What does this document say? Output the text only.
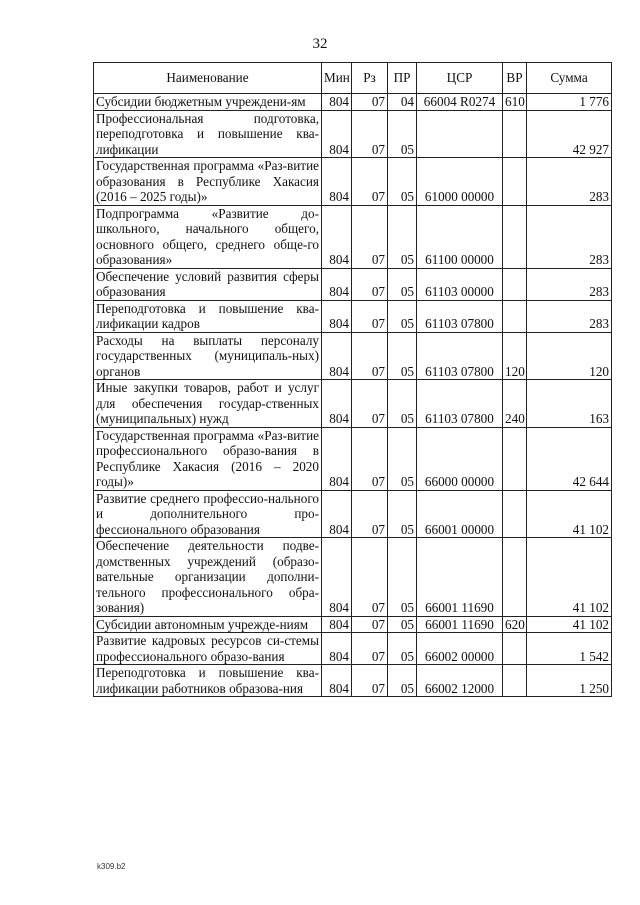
32
Наименование	Мин	Рз	ПР	ЦСР	ВР	Сумма
Субсидии бюджетным учреждени-ям	804	07	04	66004 R0274	610	1 776
Профессиональная подготовка, переподготовка и повышение ква-лификации	804	07	05			42 927
Государственная программа «Раз-витие образования в Республике Хакасия (2016 – 2025 годы)»	804	07	05	61000 00000		283
Подпрограмма «Развитие до-школьного, начального общего, основного общего, среднего обще-го образования»	804	07	05	61100 00000		283
Обеспечение условий развития сферы образования	804	07	05	61103 00000		283
Переподготовка и повышение ква-лификации кадров	804	07	05	61103 07800		283
Расходы на выплаты персоналу государственных (муниципаль-ных) органов	804	07	05	61103 07800	120	120
Иные закупки товаров, работ и услуг для обеспечения государ-ственных (муниципальных) нужд	804	07	05	61103 07800	240	163
Государственная программа «Раз-витие профессионального образо-вания в Республике Хакасия (2016 – 2020 годы)»	804	07	05	66000 00000		42 644
Развитие среднего профессио-нального и дополнительного про-фессионального образования	804	07	05	66001 00000		41 102
Обеспечение деятельности подве-домственных учреждений (образо-вательные организации дополни-тельного профессионального обра-зования)	804	07	05	66001 11690		41 102
Субсидии автономным учрежде-ниям	804	07	05	66001 11690	620	41 102
Развитие кадровых ресурсов си-стемы профессионального образо-вания	804	07	05	66002 00000		1 542
Переподготовка и повышение ква-лификации работников образова-ния	804	07	05	66002 12000		1 250
k309.b2
